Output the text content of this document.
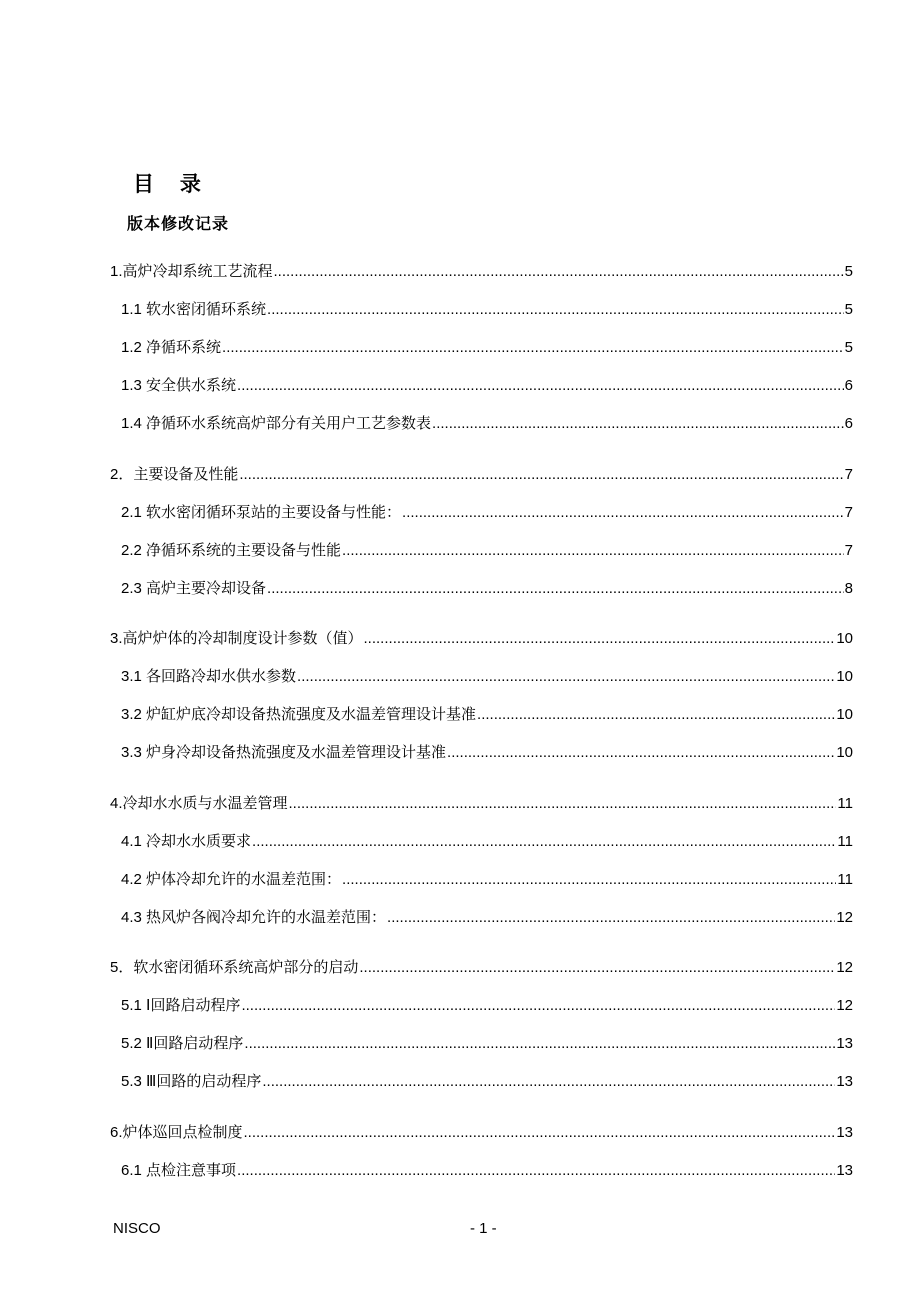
目 录
版本修改记录
1.高炉冷却系统工艺流程 .....	5
1.1 软水密闭循环系统 .....	5
1.2 净循环系统 .....	5
1.3 安全供水系统 .....	6
1.4 净循环水系统高炉部分有关用户工艺参数表 .....	6
2．主要设备及性能 .....	7
2.1 软水密闭循环泵站的主要设备与性能： .....	7
2.2 净循环系统的主要设备与性能 .....	7
2.3 高炉主要冷却设备 .....	8
3.高炉炉体的冷却制度设计参数（值） .....	10
3.1 各回路冷却水供水参数 .....	10
3.2 炉缸炉底冷却设备热流强度及水温差管理设计基准 .....	10
3.3 炉身冷却设备热流强度及水温差管理设计基准 .....	10
4.冷却水水质与水温差管理 .....	11
4.1 冷却水水质要求 .....	11
4.2 炉体冷却允许的水温差范围： .....	11
4.3 热风炉各阀冷却允许的水温差范围： .....	12
5．软水密闭循环系统高炉部分的启动 .....	12
5.1 Ⅰ回路启动程序 .....	12
5.2 Ⅱ回路启动程序 .....	13
5.3 Ⅲ回路的启动程序 .....	13
6.炉体巡回点检制度 .....	13
6.1 点检注意事项 .....	13
NISCO	- 1 -
